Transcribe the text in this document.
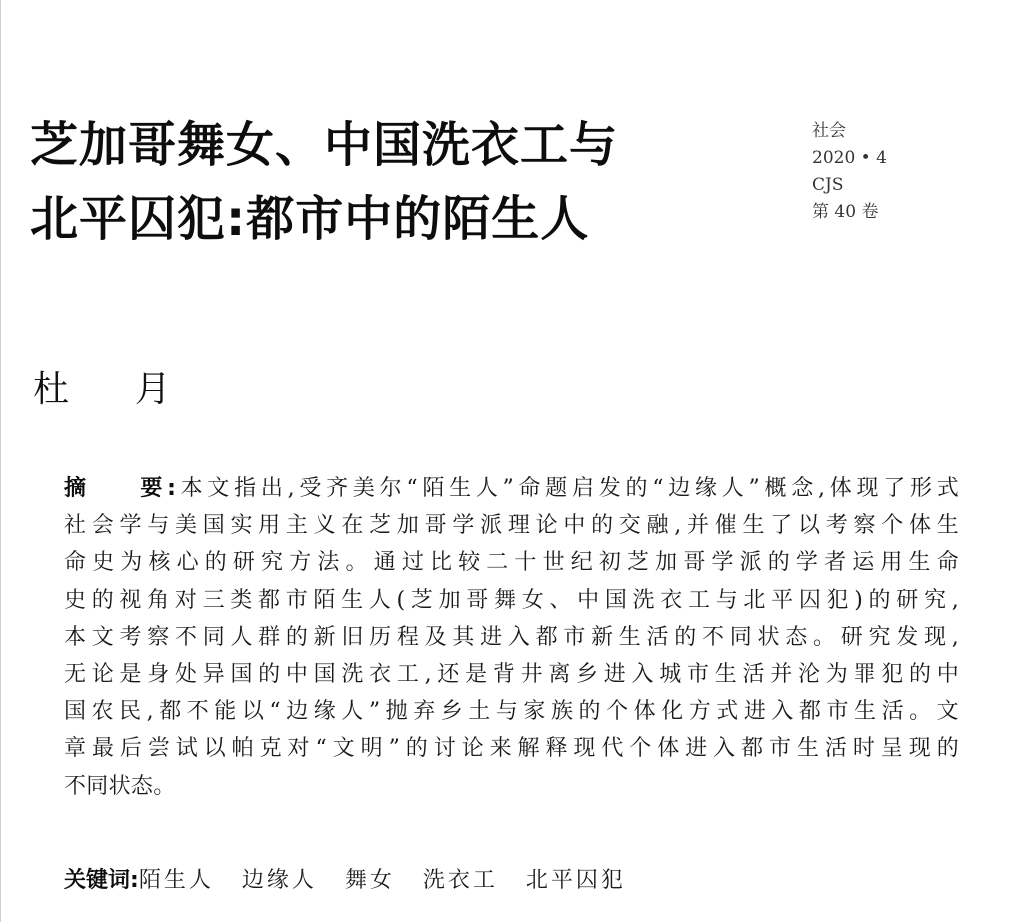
芝加哥舞女、中国洗衣工与
北平囚犯:都市中的陌生人
社会
2020 • 4
CJS
第 40 卷
杜    月
摘    要:本文指出,受齐美尔“陌生人”命题启发的“边缘人”概念,体现了形式
社会学与美国实用主义在芝加哥学派理论中的交融,并催生了以考察个体生
命史为核心的研究方法。通过比较二十世纪初芝加哥学派的学者运用生命
史的视角对三类都市陌生人(芝加哥舞女、中国洗衣工与北平囚犯)的研究,
本文考察不同人群的新旧历程及其进入都市新生活的不同状态。研究发现,
无论是身处异国的中国洗衣工,还是背井离乡进入城市生活并沦为罪犯的中
国农民,都不能以“边缘人”抛弃乡土与家族的个体化方式进入都市生活。文
章最后尝试以帕克对“文明”的讨论来解释现代个体进入都市生活时呈现的
不同状态。
关键词:陌生人 边缘人 舞女 洗衣工 北平囚犯
